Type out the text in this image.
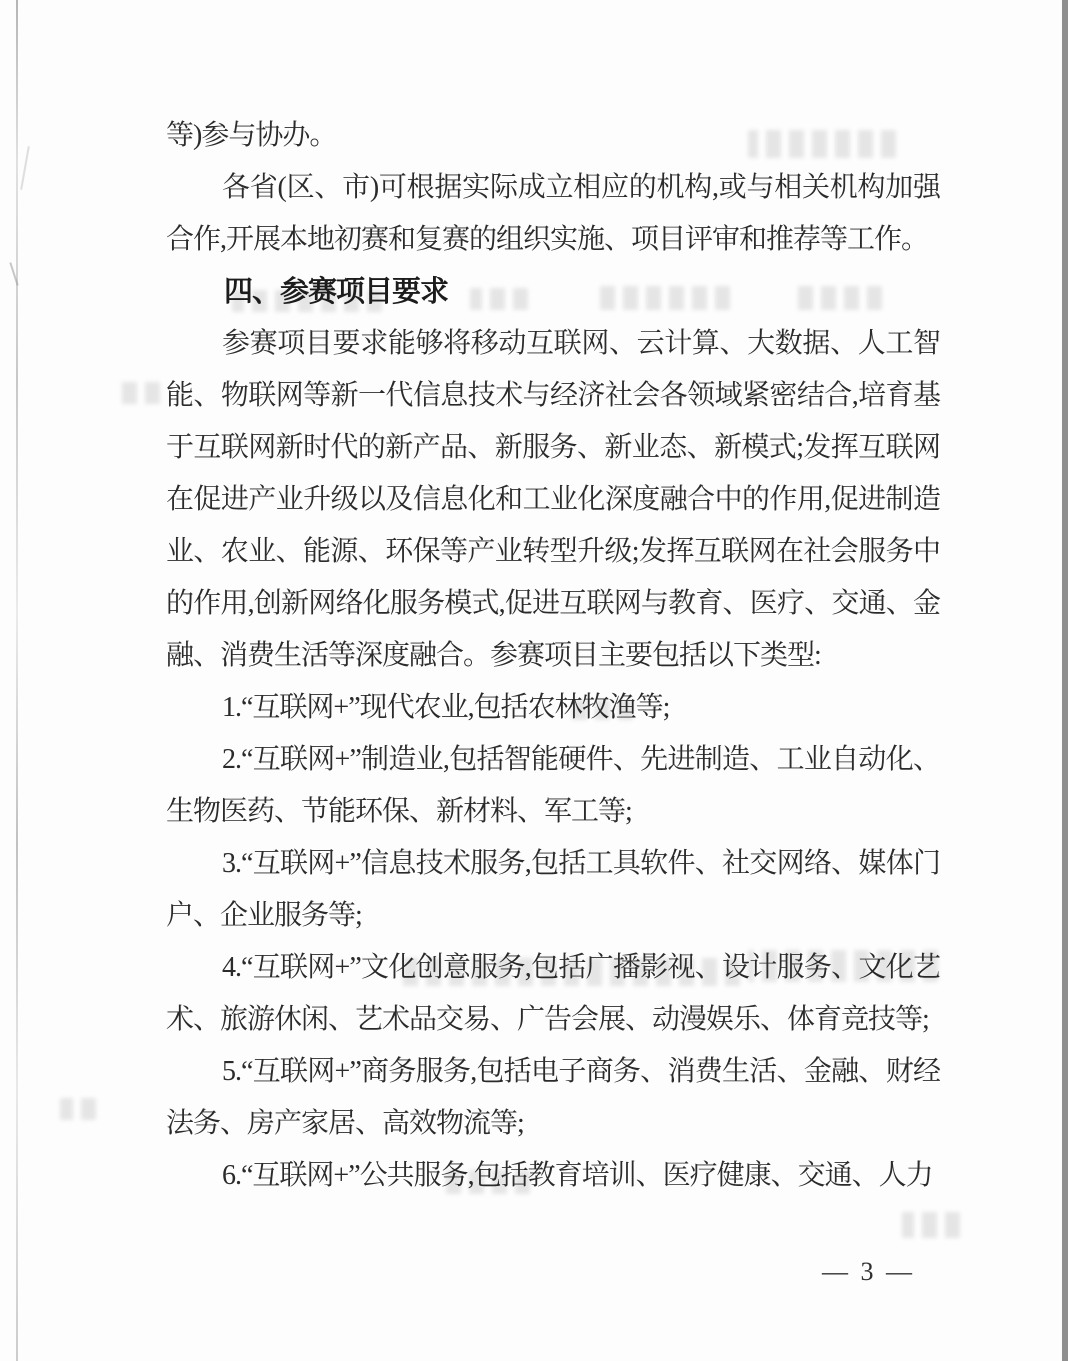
等)参与协办。

各省(区、市)可根据实际成立相应的机构,或与相关机构加强合作,开展本地初赛和复赛的组织实施、项目评审和推荐等工作。

四、参赛项目要求

参赛项目要求能够将移动互联网、云计算、大数据、人工智能、物联网等新一代信息技术与经济社会各领域紧密结合,培育基于互联网新时代的新产品、新服务、新业态、新模式;发挥互联网在促进产业升级以及信息化和工业化深度融合中的作用,促进制造业、农业、能源、环保等产业转型升级;发挥互联网在社会服务中的作用,创新网络化服务模式,促进互联网与教育、医疗、交通、金融、消费生活等深度融合。参赛项目主要包括以下类型:

1.“互联网+”现代农业,包括农林牧渔等;

2.“互联网+”制造业,包括智能硬件、先进制造、工业自动化、生物医药、节能环保、新材料、军工等;

3.“互联网+”信息技术服务,包括工具软件、社交网络、媒体门户、企业服务等;

4.“互联网+”文化创意服务,包括广播影视、设计服务、文化艺术、旅游休闲、艺术品交易、广告会展、动漫娱乐、体育竞技等;

5.“互联网+”商务服务,包括电子商务、消费生活、金融、财经法务、房产家居、高效物流等;

6.“互联网+”公共服务,包括教育培训、医疗健康、交通、人力

— 3 —
